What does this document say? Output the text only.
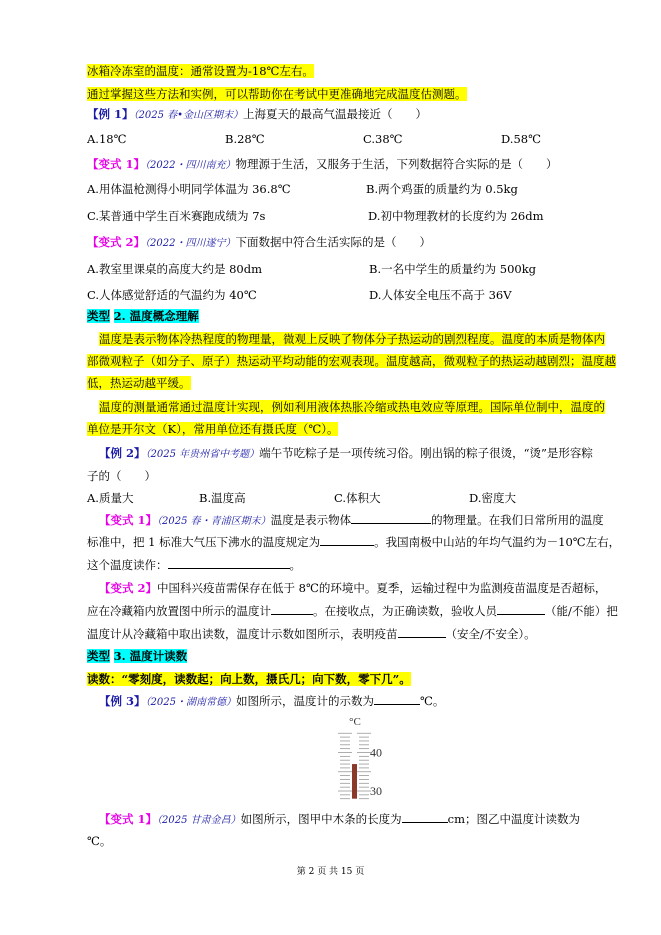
冰箱冷冻室的温度：通常设置为-18℃左右。
通过掌握这些方法和实例，可以帮助你在考试中更准确地完成温度估测题。
【例 1】（2025 春•金山区期末）上海夏天的最高气温最接近（　　）
A.18℃	B.28℃	C.38℃	D.58℃
【变式 1】（2022・四川南充）物理源于生活，又服务于生活，下列数据符合实际的是（　　）
A.用体温枪测得小明同学体温为 36.8℃	B.两个鸡蛋的质量约为 0.5kg
C.某普通中学生百米赛跑成绩为 7s	D.初中物理教材的长度约为 26dm
【变式 2】（2022・四川遂宁）下面数据中符合生活实际的是（　　）
A.教室里课桌的高度大约是 80dm	B.一名中学生的质量约为 500kg
C.人体感觉舒适的气温约为 40℃	D.人体安全电压不高于 36V
类型 2. 温度概念理解
温度是表示物体冷热程度的物理量，微观上反映了物体分子热运动的剧烈程度。温度的本质是物体内
部微观粒子（如分子、原子）热运动平均动能的宏观表现。温度越高，微观粒子的热运动越剧烈；温度越
低，热运动越平缓。
温度的测量通常通过温度计实现，例如利用液体热胀冷缩或热电效应等原理。国际单位制中，温度的
单位是开尔文（K），常用单位还有摄氏度（℃）。
【例 2】（2025 年贵州省中考题）端午节吃粽子是一项传统习俗。刚出锅的粽子很烫，“烫”是形容粽
子的（　　）
A.质量大	B.温度高	C.体积大	D.密度大
【变式 1】（2025 春・青浦区期末）温度是表示物体	的物理量。在我们日常所用的温度
标准中，把 1 标准大气压下沸水的温度规定为	。我国南极中山站的年均气温约为－10℃左右，
这个温度读作：	。
【变式 2】中国科兴疫苗需保存在低于 8℃的环境中。夏季，运输过程中为监测疫苗温度是否超标，
应在冷藏箱内放置图中所示的温度计	。在接收点，为正确读数，验收人员	（能/不能）把
温度计从冷藏箱中取出读数，温度计示数如图所示，表明疫苗	（安全/不安全）。
类型 3. 温度计读数
读数：“零刻度，读数起；向上数，摄氏几；向下数，零下几”。
【例 3】（2025・湖南常德）如图所示，温度计的示数为	℃。
°C
40
30
【变式 1】（2025 甘肃金昌）如图所示，图甲中木条的长度为	cm；图乙中温度计读数为
℃。
第 2 页 共 15 页
